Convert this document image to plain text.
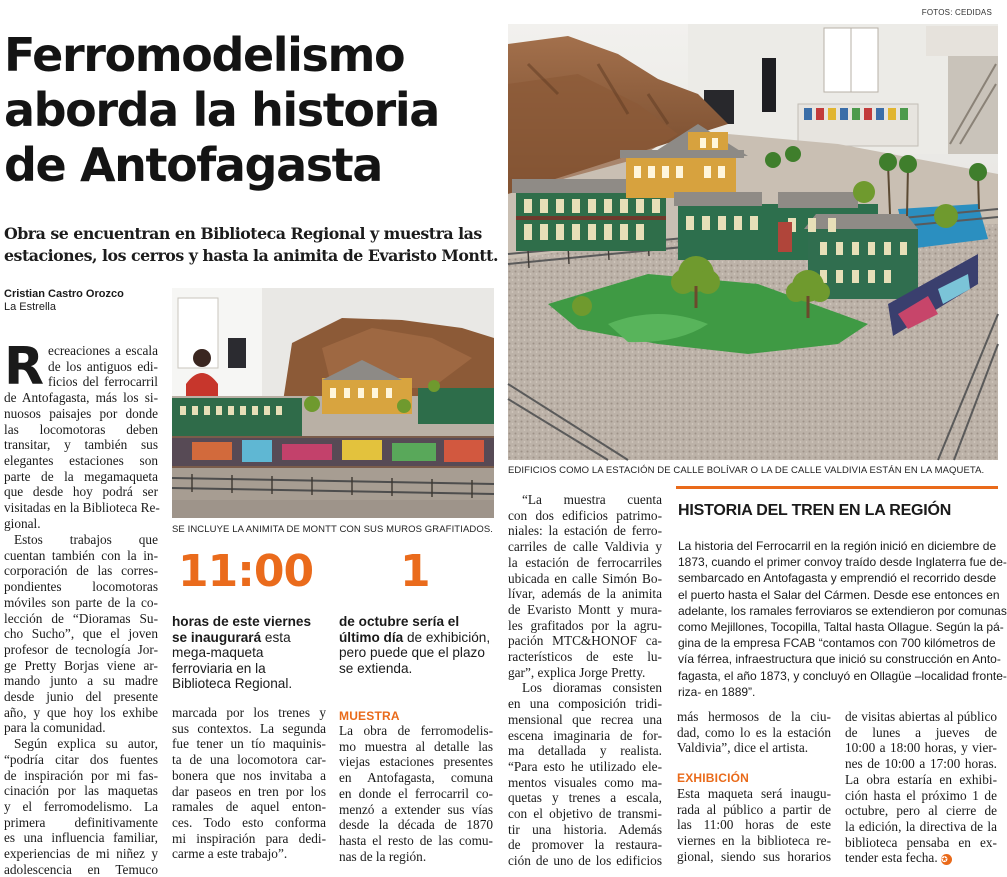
FOTOS: CEDIDAS
Ferromodelismo
aborda la historia
de Antofagasta
Obra se encuentran en Biblioteca Regional y muestra las
estaciones, los cerros y hasta la animita de Evaristo Montt.
Cristian Castro Orozco
La Estrella
EDIFICIOS COMO LA ESTACIÓN DE CALLE BOLÍVAR O LA DE CALLE VALDIVIA ESTÁN EN LA MAQUETA.
SE INCLUYE LA ANIMITA DE MONTT CON SUS MUROS GRAFITIADOS.

R ecreaciones a escala
de los antiguos edi-
ficios del ferrocarril
de Antofagasta, más los si-
nuosos paisajes por donde
las locomotoras deben
transitar, y también sus
elegantes estaciones son
parte de la megamaqueta
que desde hoy podrá ser
visitadas en la Biblioteca Re-
gional.

Estos trabajos que
cuentan también con la in-
corporación de las corres-
pondientes locomotoras
móviles son parte de la co-
lección de “Dioramas Su-
cho Sucho”, que el joven
profesor de tecnología Jor-
ge Pretty Borjas viene ar-
mando junto a su madre
desde junio del presente
año, y que hoy los exhibe
para la comunidad.
Según explica su autor,
“podría citar dos fuentes
de inspiración por mi fas-
cinación por las maquetas
y el ferromodelismo. La
primera definitivamente
es una influencia familiar,
experiencias de mi niñez y
adolescencia en Temuco
11:00
horas de este viernes se inaugurará esta mega-maqueta ferroviaria en la Biblioteca Regional.
1
de octubre sería el último día de exhibición, pero puede que el plazo se extienda.
marcada por los trenes y
sus contextos. La segunda
fue tener un tío maquinis-
ta de una locomotora car-
bonera que nos invitaba a
dar paseos en tren por los
ramales de aquel enton-
ces. Todo esto conforma
mi inspiración para dedi-
carme a este trabajo”.
MUESTRA
La obra de ferromodelis-
mo muestra al detalle las
viejas estaciones presentes
en Antofagasta, comuna
en donde el ferrocarril co-
menzó a extender sus vías
desde la década de 1870
hasta el resto de las comu-
nas de la región.
“La muestra cuenta
con dos edificios patrimo-
niales: la estación de ferro-
carriles de calle Valdivia y
la estación de ferrocarriles
ubicada en calle Simón Bo-
lívar, además de la animita
de Evaristo Montt y mura-
les grafitados por la agru-
pación MTC&HONOF ca-
racterísticos de este lu-
gar”, explica Jorge Pretty.
Los dioramas consisten
en una composición tridi-
mensional que recrea una
escena imaginaria de for-
ma detallada y realista.
“Para esto he utilizado ele-
mentos visuales como ma-
quetas y trenes a escala,
con el objetivo de transmi-
tir una historia. Además
de promover la restaura-
ción de uno de los edificios
HISTORIA DEL TREN EN LA REGIÓN
La historia del Ferrocarril en la región inició en diciembre de
1873, cuando el primer convoy traído desde Inglaterra fue de-
sembarcado en Antofagasta y emprendió el recorrido desde
el puerto hasta el Salar del Cármen. Desde ese entonces en
adelante, los ramales ferroviaros se extendieron por comunas
como Mejillones, Tocopilla, Taltal hasta Ollague. Según la pá-
gina de la empresa FCAB “contamos con 700 kilómetros de
vía férrea, infraestructura que inició su construcción en Anto-
fagasta, el año 1873, y concluyó en Ollagüe –localidad fronte-
riza- en 1889”.
más hermosos de la ciu-
dad, como lo es la estación
Valdivia”, dice el artista.
EXHIBICIÓN
Esta maqueta será inaugu-
rada al público a partir de
las 11:00 horas de este
viernes en la biblioteca re-
gional, siendo sus horarios
de visitas abiertas al público
de lunes a jueves de
10:00 a 18:00 horas, y vier-
nes de 10:00 a 17:00 horas.
La obra estaría en exhibi-
ción hasta el próximo 1 de
octubre, pero al cierre de
la edición, la directiva de la
biblioteca pensaba en ex-
tender esta fecha. ✪
